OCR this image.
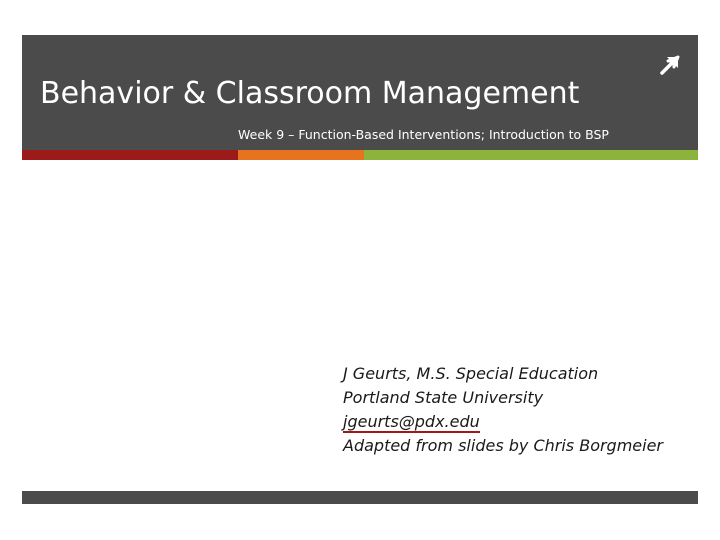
Behavior & Classroom Management

Week 9 – Function-Based Interventions; Introduction to BSP

J Geurts, M.S. Special Education
Portland State University
jgeurts@pdx.edu
Adapted from slides by Chris Borgmeier
